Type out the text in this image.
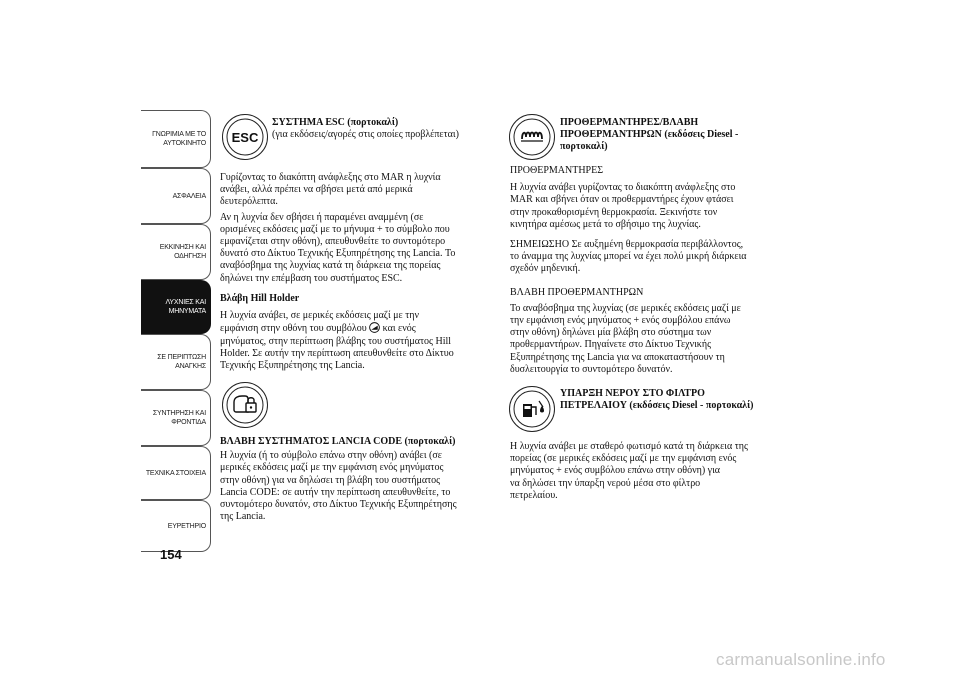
ΓΝΩΡΙΜΙΑ ΜΕ ΤΟ
ΑΥΤΟΚΙΝΗΤΟ
ΑΣΦΑΛΕΙΑ
ΕΚΚΙΝΗΣΗ ΚΑΙ
ΟΔΗΓΗΣΗ
ΛΥΧΝΙΕΣ ΚΑΙ
ΜΗΝΥΜΑΤΑ
ΣΕ ΠΕΡΙΠΤΩΣΗ
ΑΝΑΓΚΗΣ
ΣΥΝΤΗΡΗΣΗ ΚΑΙ
ΦΡΟΝΤΙΔΑ
ΤΕΧΝΙΚΑ ΣΤΟΙΧΕΙΑ
ΕΥΡΕΤΗΡΙΟ
154
ESC

ΣΥΣΤΗΜΑ ESC (πορτοκαλί)

(για εκδόσεις/αγορές στις οποίες προβλέπεται)

Γυρίζοντας το διακόπτη ανάφλεξης στο MAR η λυχνία

ανάβει, αλλά πρέπει να σβήσει μετά από μερικά

δευτερόλεπτα.

Αν η λυχνία δεν σβήσει ή παραμένει αναμμένη (σε

ορισμένες εκδόσεις μαζί με το μήνυμα + το σύμβολο που

εμφανίζεται στην οθόνη), απευθυνθείτε το συντομότερο

δυνατό στο Δίκτυο Τεχνικής Εξυπηρέτησης της Lancia. Το

αναβόσβημα της λυχνίας κατά τη διάρκεια της πορείας

δηλώνει την επέμβαση του συστήματος ESC.

Βλάβη Hill Holder

Η λυχνία ανάβει, σε μερικές εκδόσεις μαζί με την

εμφάνιση στην οθόνη του συμβόλου και ενός

μηνύματος, στην περίπτωση βλάβης του συστήματος Hill

Holder. Σε αυτήν την περίπτωση απευθυνθείτε στο Δίκτυο

Τεχνικής Εξυπηρέτησης της Lancia.

ΒΛΑΒΗ ΣΥΣΤΗΜΑΤΟΣ LANCIA CODE (πορτοκαλί)

Η λυχνία (ή το σύμβολο επάνω στην οθόνη) ανάβει (σε

μερικές εκδόσεις μαζί με την εμφάνιση ενός μηνύματος

στην οθόνη) για να δηλώσει τη βλάβη του συστήματος

Lancia CODE: σε αυτήν την περίπτωση απευθυνθείτε, το

συντομότερο δυνατόν, στο Δίκτυο Τεχνικής Εξυπηρέτησης

της Lancia.

ΠΡΟΘΕΡΜΑΝΤΗΡΕΣ/ΒΛΑΒΗ

ΠΡΟΘΕΡΜΑΝΤΗΡΩΝ (εκδόσεις Diesel -

πορτοκαλί)

ΠΡΟΘΕΡΜΑΝΤΗΡΕΣ

Η λυχνία ανάβει γυρίζοντας το διακόπτη ανάφλεξης στο

MAR και σβήνει όταν οι προθερμαντήρες έχουν φτάσει

στην προκαθορισμένη θερμοκρασία. Ξεκινήστε τον

κινητήρα αμέσως μετά το σβήσιμο της λυχνίας.

ΣΗΜΕΙΩΣΗΟ Σε αυξημένη θερμοκρασία περιβάλλοντος,

το άναμμα της λυχνίας μπορεί να έχει πολύ μικρή διάρκεια

σχεδόν μηδενική.

ΒΛΑΒΗ ΠΡΟΘΕΡΜΑΝΤΗΡΩΝ

Το αναβόσβημα της λυχνίας (σε μερικές εκδόσεις μαζί με

την εμφάνιση ενός μηνύματος + ενός συμβόλου επάνω

στην οθόνη) δηλώνει μία βλάβη στο σύστημα των

προθερμαντήρων. Πηγαίνετε στο Δίκτυο Τεχνικής

Εξυπηρέτησης της Lancia για να αποκαταστήσουν τη

δυσλειτουργία το συντομότερο δυνατόν.

ΥΠΑΡΞΗ ΝΕΡΟΥ ΣΤΟ ΦΙΛΤΡΟ

ΠΕΤΡΕΛΑΙΟΥ (εκδόσεις Diesel - πορτοκαλί)

Η λυχνία ανάβει με σταθερό φωτισμό κατά τη διάρκεια της

πορείας (σε μερικές εκδόσεις μαζί με την εμφάνιση ενός

μηνύματος + ενός συμβόλου επάνω στην οθόνη) για

να δηλώσει την ύπαρξη νερού μέσα στο φίλτρο

πετρελαίου.

carmanualsonline.info
